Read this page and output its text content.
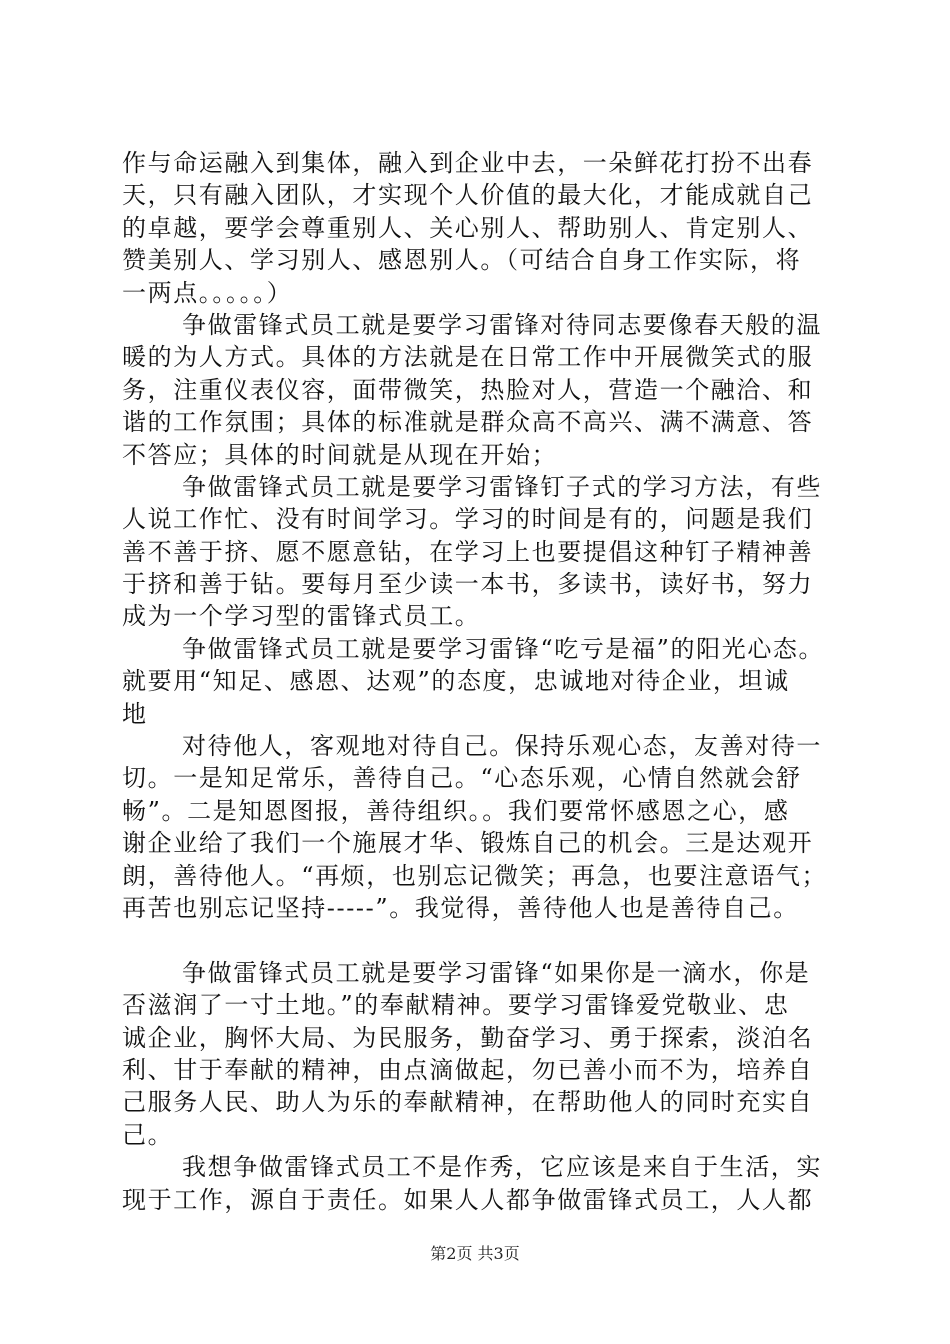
作与命运融入到集体，融入到企业中去，一朵鲜花打扮不出春
天，只有融入团队，才实现个人价值的最大化，才能成就自己
的卓越，要学会尊重别人、关心别人、帮助别人、肯定别人、
赞美别人、学习别人、感恩别人。（可结合自身工作实际，将
一两点。。。。。）
争做雷锋式员工就是要学习雷锋对待同志要像春天般的温
暖的为人方式。具体的方法就是在日常工作中开展微笑式的服
务，注重仪表仪容，面带微笑，热脸对人，营造一个融洽、和
谐的工作氛围；具体的标准就是群众高不高兴、满不满意、答
不答应；具体的时间就是从现在开始；
争做雷锋式员工就是要学习雷锋钉子式的学习方法，有些
人说工作忙、没有时间学习。学习的时间是有的，问题是我们
善不善于挤、愿不愿意钻，在学习上也要提倡这种钉子精神善
于挤和善于钻。要每月至少读一本书，多读书，读好书，努力
成为一个学习型的雷锋式员工。
争做雷锋式员工就是要学习雷锋“吃亏是福”的阳光心态。
就要用“知足、感恩、达观”的态度，忠诚地对待企业，坦诚
地
对待他人，客观地对待自己。保持乐观心态，友善对待一
切。一是知足常乐，善待自己。“心态乐观，心情自然就会舒
畅”。二是知恩图报，善待组织。。我们要常怀感恩之心，感
谢企业给了我们一个施展才华、锻炼自己的机会。三是达观开
朗，善待他人。“再烦，也别忘记微笑；再急，也要注意语气；
再苦也别忘记坚持-----”。我觉得，善待他人也是善待自己。
争做雷锋式员工就是要学习雷锋“如果你是一滴水，你是
否滋润了一寸土地。”的奉献精神。要学习雷锋爱党敬业、忠
诚企业，胸怀大局、为民服务，勤奋学习、勇于探索，淡泊名
利、甘于奉献的精神，由点滴做起，勿已善小而不为，培养自
己服务人民、助人为乐的奉献精神，在帮助他人的同时充实自
己。
我想争做雷锋式员工不是作秀，它应该是来自于生活，实
现于工作，源自于责任。如果人人都争做雷锋式员工，人人都
第2页 共3页
